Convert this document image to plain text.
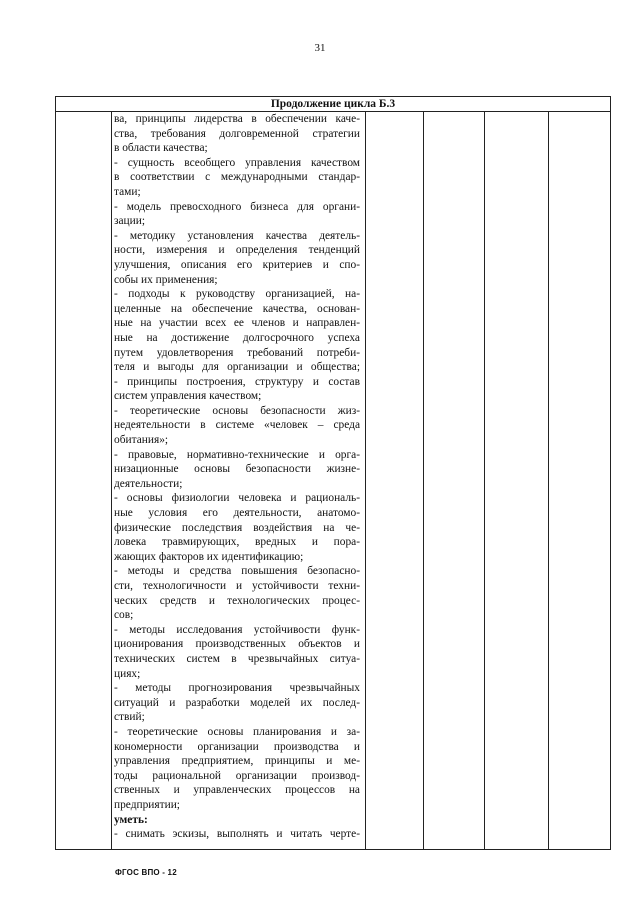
31
Продолжение цикла Б.3
ва, принципы лидерства в обеспечении каче-
ства, требования долговременной стратегии
в области качества;
- сущность всеобщего управления качеством
в соответствии с международными стандар-
тами;
- модель превосходного бизнеса для органи-
зации;
- методику установления качества деятель-
ности, измерения и определения тенденций
улучшения, описания его критериев и спо-
собы их применения;
- подходы к руководству организацией, на-
целенные на обеспечение качества, основан-
ные на участии всех ее членов и направлен-
ные на достижение долгосрочного успеха
путем удовлетворения требований потреби-
теля и выгоды для организации и общества;
- принципы построения, структуру и состав
систем управления качеством;
- теоретические основы безопасности жиз-
недеятельности в системе «человек – среда
обитания»;
- правовые, нормативно-технические и орга-
низационные основы безопасности жизне-
деятельности;
- основы физиологии человека и рациональ-
ные условия его деятельности, анатомо-
физические последствия воздействия на че-
ловека травмирующих, вредных и пора-
жающих факторов их идентификацию;
- методы и средства повышения безопасно-
сти, технологичности и устойчивости техни-
ческих средств и технологических процес-
сов;
- методы исследования устойчивости функ-
ционирования производственных объектов и
технических систем в чрезвычайных ситуа-
циях;
- методы прогнозирования чрезвычайных
ситуаций и разработки моделей их послед-
ствий;
- теоретические основы планирования и за-
кономерности организации производства и
управления предприятием, принципы и ме-
тоды рациональной организации производ-
ственных и управленческих процессов на
предприятии;
уметь:
- снимать эскизы, выполнять и читать черте-
ФГОС ВПО - 12
